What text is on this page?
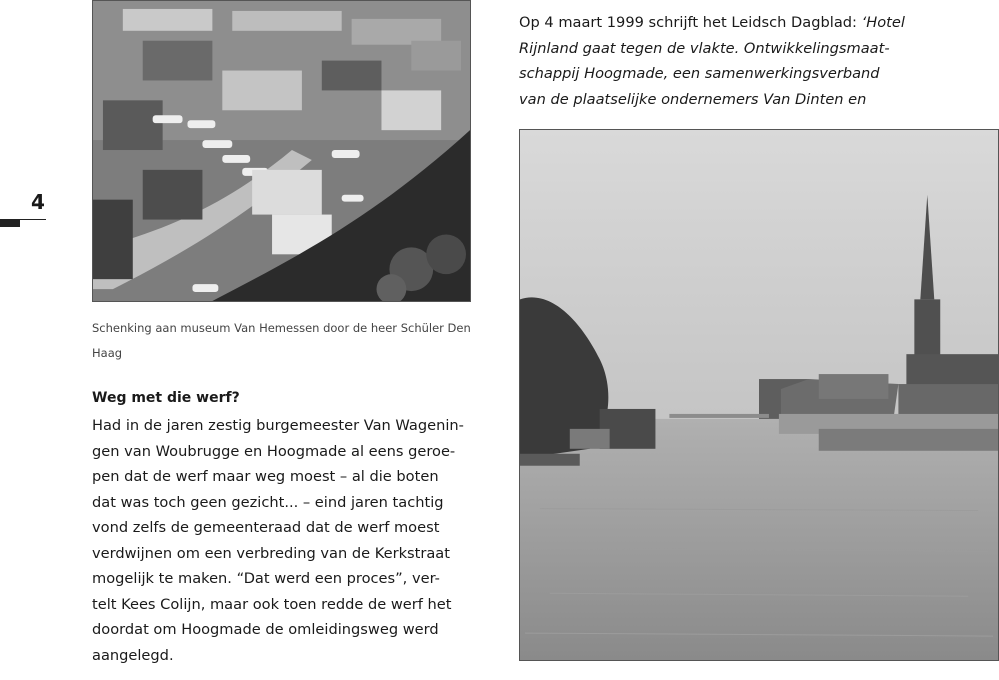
4
Schenking aan museum Van Hemessen door de heer Schüler Den
Haag
Weg met die werf?
Had in de jaren zestig burgemeester Van Wagenin-
gen van Woubrugge en Hoogmade al eens geroe-
pen dat de werf maar weg moest – al die boten
dat was toch geen gezicht... – eind jaren tachtig
vond zelfs de gemeenteraad dat de werf moest
verdwijnen om een verbreding van de Kerkstraat
mogelijk te maken. “Dat werd een proces”, ver-
telt Kees Colijn, maar ook toen redde de werf het
doordat om Hoogmade de omleidingsweg werd
aangelegd.
Op 4 maart 1999 schrijft het Leidsch Dagblad: ‘Hotel
Rijnland gaat tegen de vlakte. Ontwikkelingsmaat-
schappij Hoogmade, een samenwerkingsverband
van de plaatselijke ondernemers Van Dinten en
